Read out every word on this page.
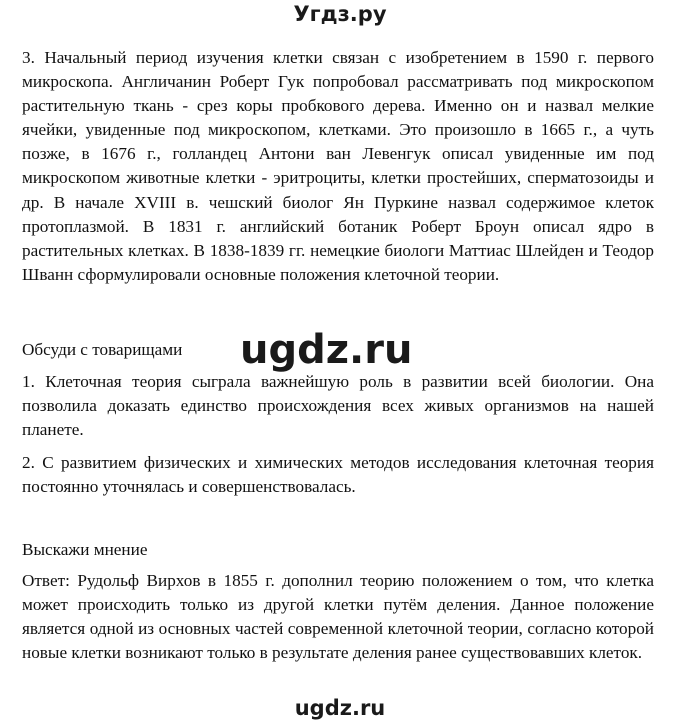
Угдз.ру
3. Начальный период изучения клетки связан с изобретением в 1590 г. первого микроскопа. Англичанин Роберт Гук попробовал рассматривать под микроскопом растительную ткань - срез коры пробкового дерева. Именно он и назвал мелкие ячейки, увиденные под микроскопом, клетками. Это произошло в 1665 г., а чуть позже, в 1676 г., голландец Антони ван Левенгук описал увиденные им под микроскопом животные клетки - эритроциты, клетки простейших, сперматозоиды и др. В начале XVIII в. чешский биолог Ян Пуркине назвал содержимое клеток протоплазмой. В 1831 г. английский ботаник Роберт Броун описал ядро в растительных клетках. В 1838-1839 гг. немецкие биологи Маттиас Шлейден и Теодор Шванн сформулировали основные положения клеточной теории.
Обсуди с товарищами ugdz.ru
1. Клеточная теория сыграла важнейшую роль в развитии всей биологии. Она позволила доказать единство происхождения всех живых организмов на нашей планете.
2. С развитием физических и химических методов исследования клеточная теория постоянно уточнялась и совершенствовалась.
Выскажи мнение
Ответ: Рудольф Вирхов в 1855 г. дополнил теорию положением о том, что клетка может происходить только из другой клетки путём деления. Данное положение является одной из основных частей современной клеточной теории, согласно которой новые клетки возникают только в результате деления ранее существовавших клеток.
ugdz.ru
